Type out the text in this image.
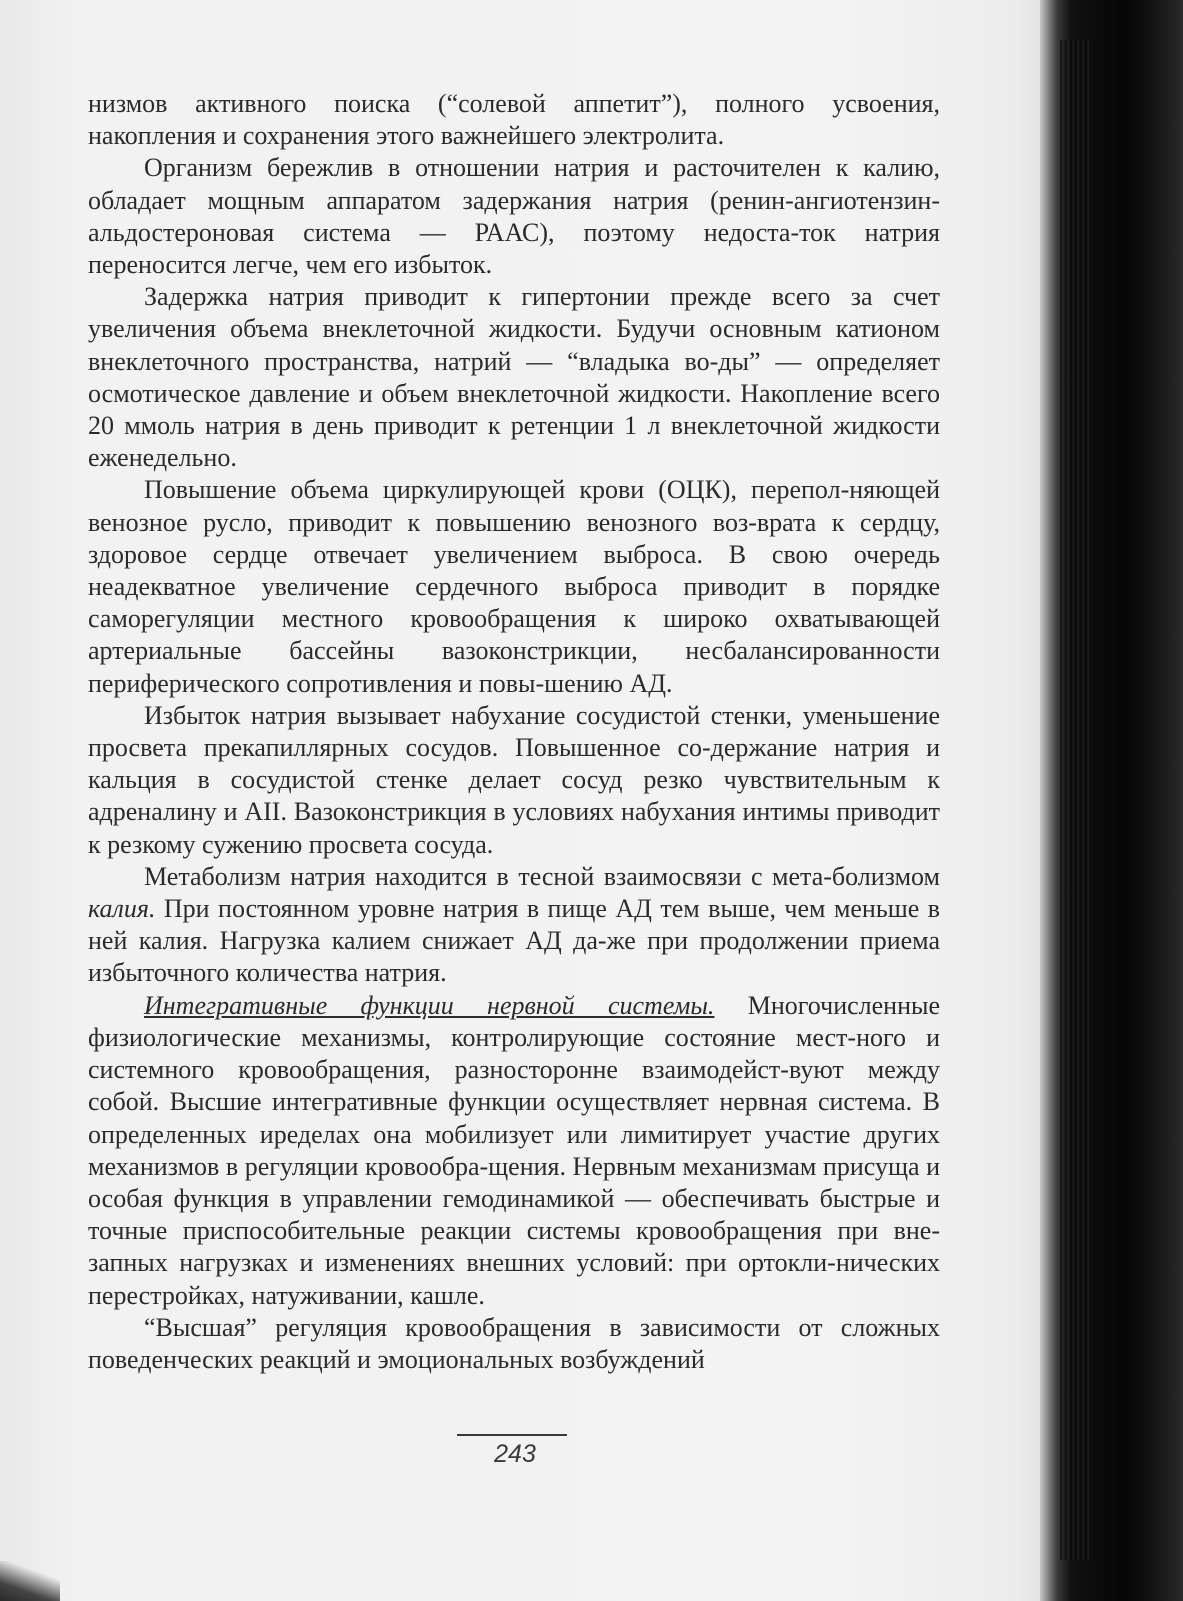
низмов активного поиска (“солевой аппетит”), полного усвоения, накопления и сохранения этого важнейшего электролита.

Организм бережлив в отношении натрия и расточителен к калию, обладает мощным аппаратом задержания натрия (ренин-ангиотензин-альдостероновая система — РААС), поэтому недоста-ток натрия переносится легче, чем его избыток.

Задержка натрия приводит к гипертонии прежде всего за счет увеличения объема внеклеточной жидкости. Будучи основным катионом внеклеточного пространства, натрий — “владыка во-ды” — определяет осмотическое давление и объем внеклеточной жидкости. Накопление всего 20 ммоль натрия в день приводит к ретенции 1 л внеклеточной жидкости еженедельно.

Повышение объема циркулирующей крови (ОЦК), перепол-няющей венозное русло, приводит к повышению венозного воз-врата к сердцу, здоровое сердце отвечает увеличением выброса. В свою очередь неадекватное увеличение сердечного выброса приводит в порядке саморегуляции местного кровообращения к широко охватывающей артериальные бассейны вазоконстрикции, несбалансированности периферического сопротивления и повы-шению АД.

Избыток натрия вызывает набухание сосудистой стенки, уменьшение просвета прекапиллярных сосудов. Повышенное со-держание натрия и кальция в сосудистой стенке делает сосуд резко чувствительным к адреналину и АII. Вазоконстрикция в условиях набухания интимы приводит к резкому сужению просвета сосуда.

Метаболизм натрия находится в тесной взаимосвязи с мета-болизмом калия. При постоянном уровне натрия в пище АД тем выше, чем меньше в ней калия. Нагрузка калием снижает АД да-же при продолжении приема избыточного количества натрия.

Интегративные функции нервной системы. Многочисленные физиологические механизмы, контролирующие состояние мест-ного и системного кровообращения, разносторонне взаимодейст-вуют между собой. Высшие интегративные функции осуществляет нервная система. В определенных иределах она мобилизует или лимитирует участие других механизмов в регуляции кровообра-щения. Нервным механизмам присуща и особая функция в управлении гемодинамикой — обеспечивать быстрые и точные приспособительные реакции системы кровообращения при вне-запных нагрузках и изменениях внешних условий: при ортокли-нических перестройках, натуживании, кашле.

“Высшая” регуляция кровообращения в зависимости от сложных поведенческих реакций и эмоциональных возбуждений

243
